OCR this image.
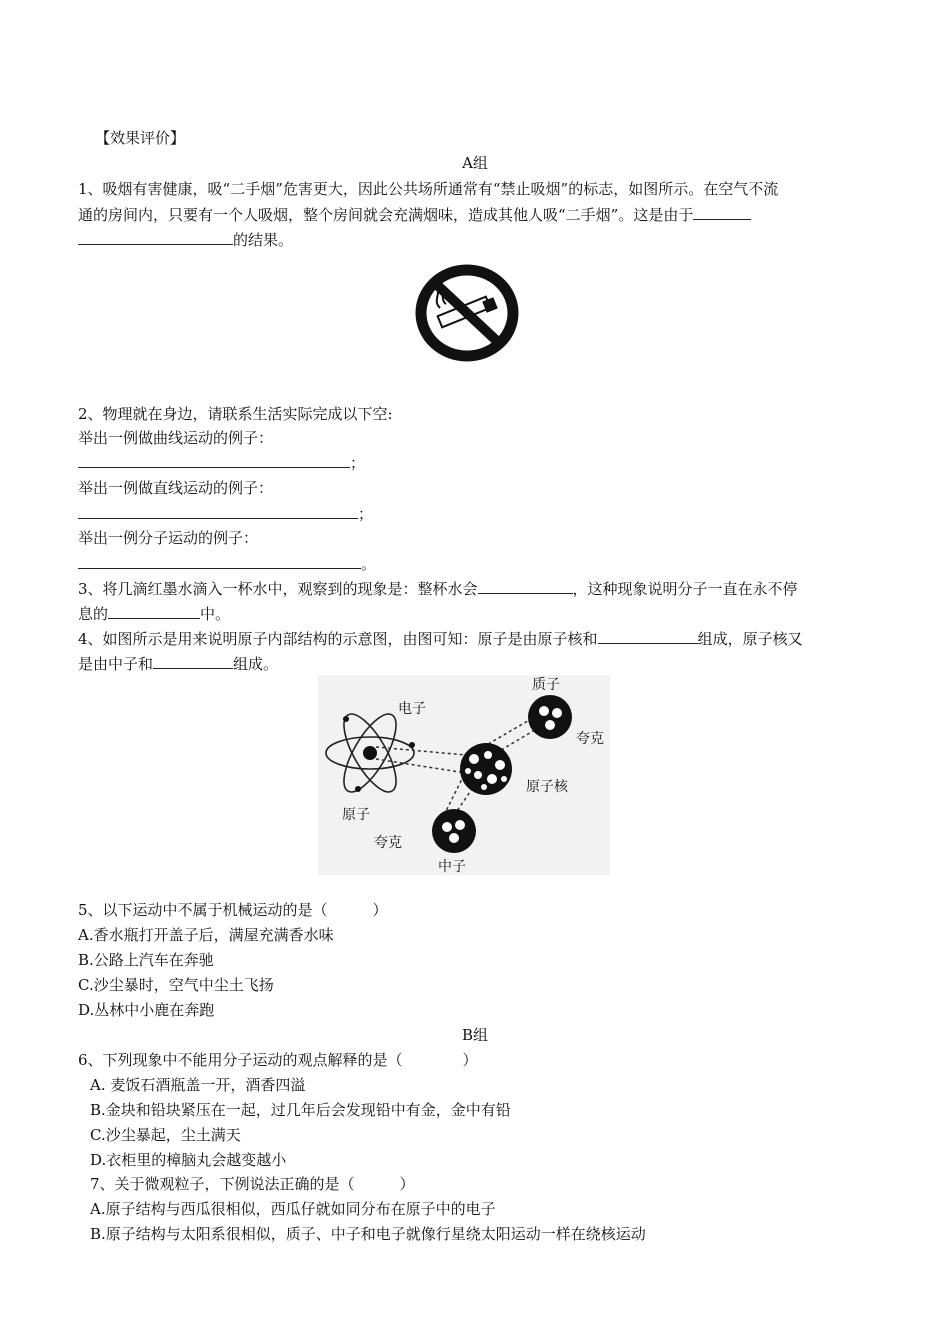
【效果评价】
A组
1、吸烟有害健康，吸“二手烟”危害更大，因此公共场所通常有“禁止吸烟”的标志，如图所示。在空气不流
通的房间内，只要有一个人吸烟，整个房间就会充满烟味，造成其他人吸“二手烟”。这是由于
的结果。
2、物理就在身边，请联系生活实际完成以下空:
举出一例做曲线运动的例子：
；
举出一例做直线运动的例子：
；
举出一例分子运动的例子：
。
3、将几滴红墨水滴入一杯水中，观察到的现象是：整杯水会	，这种现象说明分子一直在永不停
息的	中。
4、如图所示是用来说明原子内部结构的示意图，由图可知：原子是由原子核和	组成，原子核又
是由中子和	组成。
电子
质子
夸克
原子核
原子
夸克
中子
5、以下运动中不属于机械运动的是（　　　）
A.香水瓶打开盖子后，满屋充满香水味
B.公路上汽车在奔驰
C.沙尘暴时，空气中尘土飞扬
D.丛林中小鹿在奔跑
B组
6、下列现象中不能用分子运动的观点解释的是（　　　　）
A. 麦饭石酒瓶盖一开，酒香四溢
B.金块和铅块紧压在一起，过几年后会发现铅中有金，金中有铅
C.沙尘暴起，尘土满天
D.衣柜里的樟脑丸会越变越小
7、关于微观粒子，下例说法正确的是（　　　）
A.原子结构与西瓜很相似，西瓜仔就如同分布在原子中的电子
B.原子结构与太阳系很相似，质子、中子和电子就像行星绕太阳运动一样在绕核运动
